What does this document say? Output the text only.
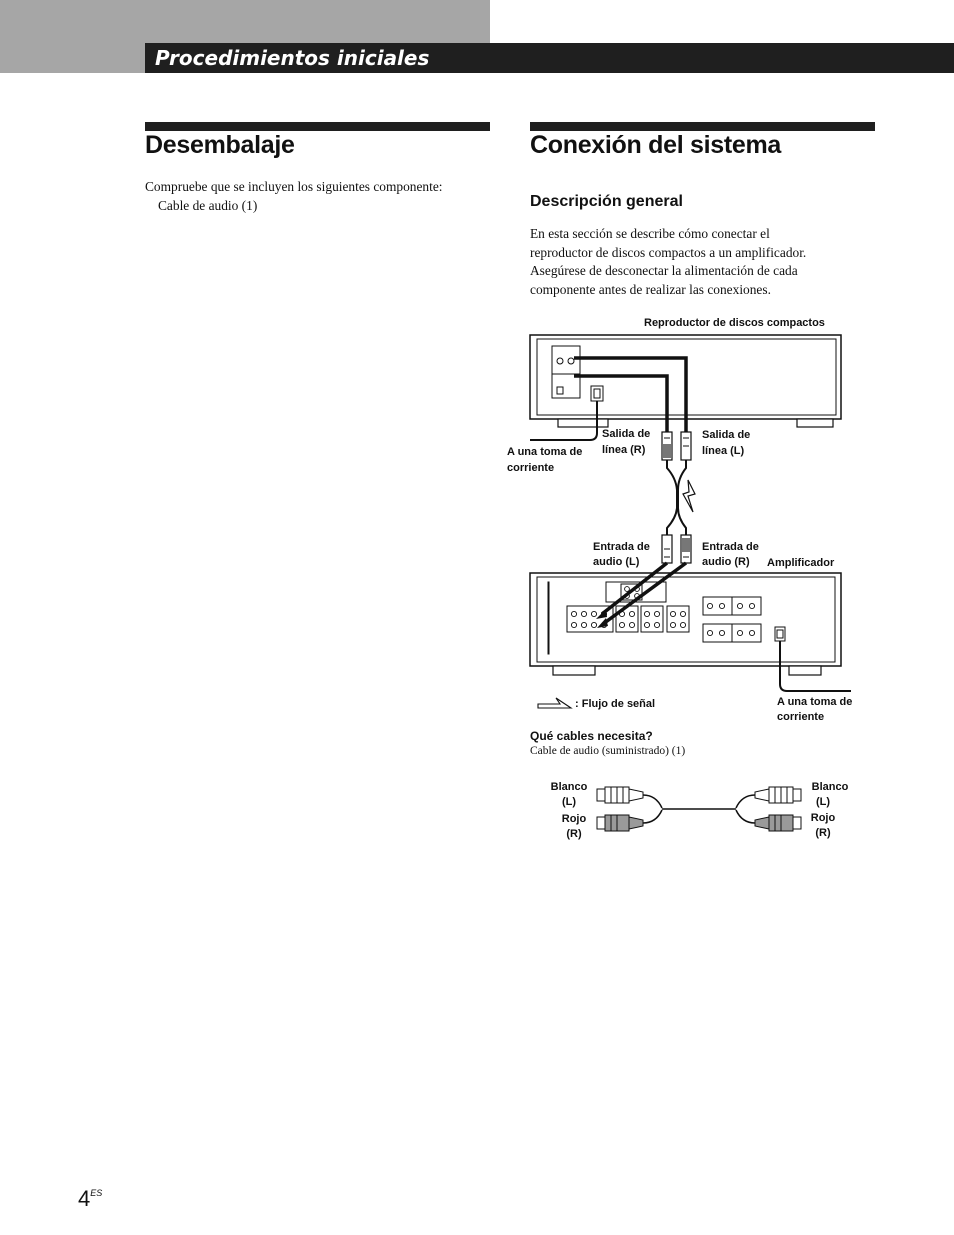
Procedimientos iniciales
Desembalaje
Compruebe que se incluyen los siguientes componente:
Cable de audio (1)
Conexión del sistema
Descripción general
En esta sección se describe cómo conectar el
reproductor de discos compactos a un amplificador.
Asegúrese de desconectar la alimentación de cada
componente antes de realizar las conexiones.
Reproductor de discos compactos
A una toma de
corriente
Salida de
línea (R)
Salida de
línea (L)
Entrada de
audio (L)
Entrada de
audio (R) Amplificador
: Flujo de señal	A una toma de
corriente
Qué cables necesita?
Cable de audio (suministrado) (1)
Blanco
(L)
Rojo
(R)
Blanco
(L)
Rojo
(R)
$4^{ES}$
